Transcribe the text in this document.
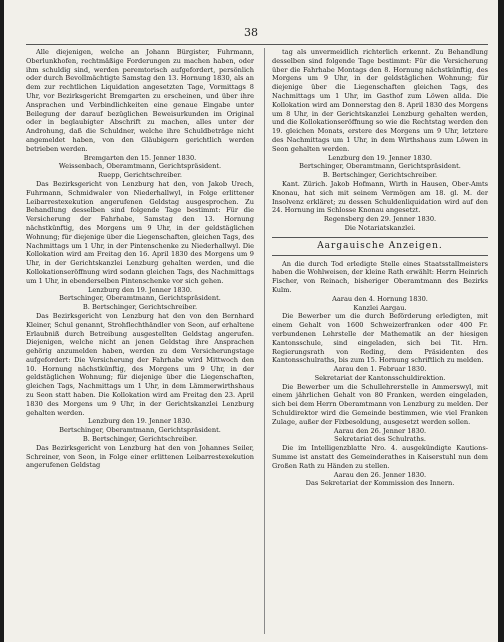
38

Alle diejenigen, welche an Johann Bürgister, Fuhrmann, Oberlunkhofen, rechtmäßige Forderungen zu machen haben, oder ihm schuldig sind, werden peremtorisch aufgefordert, persönlich oder durch Bevollmächtigte Samstag den 13. Hornung 1830, als an dem zur rechtlichen Liquidation angesetzten Tage, Vormittags 8 Uhr, vor Bezirksgericht Bremgarten zu erscheinen, und über ihre Ansprachen und Verbindlichkeiten eine genaue Eingabe unter Beilegung der darauf bezüglichen Beweisurkunden im Original oder in beglaubigter Abschrift zu machen, alles unter der Androhung, daß die Schuldner, welche ihre Schuldbeträge nicht angemeldet haben, von den Gläubigern gerichtlich werden betrieben werden.

Bremgarten den 15. Jenner 1830.
Weissenbach, Oberamtmann, Gerichtspräsident.
Ruepp, Gerichtschreiber.

Das Bezirksgericht von Lenzburg hat den, von Jakob Urech, Fuhrmann, Schmidwaler von Niederhallwyl, in Folge erlittener Leibarrestexekution angerufenen Geldstag ausgesprochen. Zu Behandlung desselben sind folgende Tage bestimmt: Für die Versicherung der Fahrhabe, Samstag den 13. Hornung nächstkünftig, des Morgens um 9 Uhr, in der geldstäglichen Wohnung; für diejenige über die Liegenschaften, gleichen Tags, des Nachmittags um 1 Uhr, in der Pintenschenke zu Niederhallwyl. Die Kollokation wird am Freitag den 16. April 1830 des Morgens um 9 Uhr, in der Gerichtskanzlei Lenzburg gehalten werden, und die Kollokationseröffnung wird sodann gleichen Tags, des Nachmittags um 1 Uhr, in ebenderselben Pintenschenke vor sich gehen.

Lenzburg den 19. Jenner 1830.
Bertschinger, Oberamtmann, Gerichtspräsident.
B. Bertschinger, Gerichtschreiber.

Das Bezirksgericht von Lenzburg hat den von den Bernhard Kleiner, Schul genannt, Strohflechthändler von Seon, auf erhaltene Erlaubniß durch Betreibung ausgestellten Geldstag angerufen. Diejenigen, welche nicht an jenen Geldstag ihre Ansprachen gehörig anzumelden haben, werden zu dem Versicherungstage aufgefordert: Die Versicherung der Fahrhabe wird Mittwoch den 10. Hornung nächstkünftig, des Morgens um 9 Uhr, in der geldstäglichen Wohnung; für diejenige über die Liegenschaften, gleichen Tags, Nachmittags um 1 Uhr, in dem Lämmerwirthshaus zu Seon statt haben. Die Kollokation wird am Freitag den 23. April 1830 des Morgens um 9 Uhr, in der Gerichtskanzlei Lenzburg gehalten werden.

Lenzburg den 19. Jenner 1830.
Bertschinger, Oberamtmann, Gerichtspräsident.
B. Bertschinger, Gerichtschreiber.

Das Bezirksgericht von Lenzburg hat den von Johannes Seiler, Schreiner, von Seon, in Folge einer erlittenen Leibarrestexekution angerufenen Geldstag

tag als unvermeidlich richterlich erkennt. Zu Behandlung desselben sind folgende Tage bestimmt: Für die Versicherung über die Fahrhabe Montags den 8. Hornung nächstkünftig, des Morgens um 9 Uhr, in der geldstäglichen Wohnung; für diejenige über die Liegenschaften gleichen Tags, des Nachmittags um 1 Uhr, im Gasthof zum Löwen allda. Die Kollokation wird am Donnerstag den 8. April 1830 des Morgens um 8 Uhr, in der Gerichtskanzlei Lenzburg gehalten werden, und die Kollokationseröffnung so wie die Rechtstag werden den 19. gleichen Monats, erstere des Morgens um 9 Uhr, letztere des Nachmittags um 1 Uhr, in dem Wirthshaus zum Löwen in Seon gehalten werden.

Lenzburg den 19. Jenner 1830.
Bertschinger, Oberamtmann, Gerichtspräsident.
B. Bertschinger, Gerichtschreiber.

Kant. Zürich. Jakob Hofmann, Wirth in Hausen, Ober-Amts Knonau, hat sich mit seinem Vermögen am 18. gl. M. der Insolvenz erkläret; zu dessen Schuldenliquidation wird auf den 24. Hornung im Schlosse Knonau angesetzt.

Regensberg den 29. Jenner 1830.
Die Notariatskanzlei.
Aargauische Anzeigen.

An die durch Tod erledigte Stelle eines Staatsstallmeisters haben die Wohlweisen, der kleine Rath erwählt: Herrn Heinrich Fischer, von Reinach, bisheriger Oberamtmann des Bezirks Kulm.

Aarau den 4. Hornung 1830.
Kanzlei Aargau.

Die Bewerber um die durch Beförderung erledigten, mit einem Gehalt von 1600 Schweizerfranken oder 400 Fr. verbundenen Lehrstelle der Mathematik an der hiesigen Kantonsschule, sind eingeladen, sich bei Tit. Hrn. Regierungsrath von Reding, dem Präsidenten des Kantonsschulraths, bis zum 15. Hornung schriftlich zu melden.

Aarau den 1. Februar 1830.
Sekretariat der Kantonsschuldirektion.

Die Bewerber um die Schullehrerstelle in Ammerswyl, mit einem jährlichen Gehalt von 80 Franken, werden eingeladen, sich bei dem Herrn Oberamtmann von Lenzburg zu melden. Der Schuldirektor wird die Gemeinde bestimmen, wie viel Franken Zulage, außer der Fixbesoldung, ausgesetzt werden sollen.

Aarau den 26. Jenner 1830.
Sekretariat des Schulraths.

Die im Intelligenzblatte Nro. 4. ausgekündigte Kautions-Summe ist anstatt des Gemeinderathes in Kaiserstuhl nun dem Großen Rath zu Händen zu stellen.

Aarau den 26. Jenner 1830.
Das Sekretariat der Kommission des Innern.
